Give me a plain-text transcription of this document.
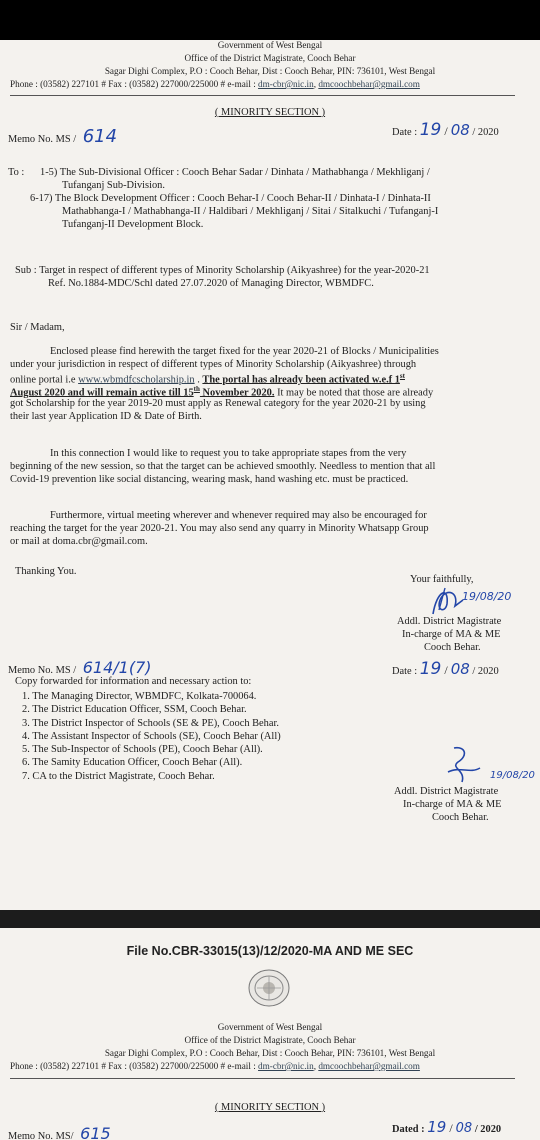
Government of West Bengal
Office of the District Magistrate, Cooch Behar
Sagar Dighi Complex, P.O : Cooch Behar, Dist : Cooch Behar, PIN: 736101, West Bengal
Phone : (03582) 227101 # Fax : (03582) 227000/225000 # e-mail : dm-cbr@nic.in, dmcoochbehar@gmail.com
( MINORITY SECTION )
Memo No. MS / 614	Date : 19 / 08 / 2020
To : 1-5) The Sub-Divisional Officer : Cooch Behar Sadar / Dinhata / Mathabhanga / Mekhliganj /
Tufanganj Sub-Division.
6-17) The Block Development Officer : Cooch Behar-I / Cooch Behar-II / Dinhata-I / Dinhata-II
Mathabhanga-I / Mathabhanga-II / Haldibari / Mekhliganj / Sitai / Sitalkuchi / Tufanganj-I
Tufanganj-II Development Block.
Sub : Target in respect of different types of Minority Scholarship (Aikyashree) for the year-2020-21
Ref. No.1884-MDC/Schl dated 27.07.2020 of Managing Director, WBMDFC.
Sir / Madam,
Enclosed please find herewith the target fixed for the year 2020-21 of Blocks / Municipalities
under your jurisdiction in respect of different types of Minority Scholarship (Aikyashree) through
online portal i.e www.wbmdfcscholarship.in . The portal has already been activated w.e.f 1st
August 2020 and will remain active till 15th November 2020. It may be noted that those are already
got Scholarship for the year 2019-20 must apply as Renewal category for the year 2020-21 by using
their last year Application ID & Date of Birth.
In this connection I would like to request you to take appropriate stapes from the very
beginning of the new session, so that the target can be achieved smoothly. Needless to mention that all
Covid-19 prevention like social distancing, wearing mask, hand washing etc. must be practiced.
Furthermore, virtual meeting wherever and whenever required may also be encouraged for
reaching the target for the year 2020-21. You may also send any quarry in Minority Whatsapp Group
or mail at doma.cbr@gmail.com.
Thanking You.
Your faithfully,
19/08/20
Addl. District Magistrate
In-charge of MA & ME
Cooch Behar.
Date : 19 / 08 / 2020
Memo No. MS / 614/1(7)
Copy forwarded for information and necessary action to:
1. The Managing Director, WBMDFC, Kolkata-700064.
2. The District Education Officer, SSM, Cooch Behar.
3. The District Inspector of Schools (SE & PE), Cooch Behar.
4. The Assistant Inspector of Schools (SE), Cooch Behar (All)
5. The Sub-Inspector of Schools (PE), Cooch Behar (All).
6. The Samity Education Officer, Cooch Behar (All).
7. CA to the District Magistrate, Cooch Behar.	19/08/20
Addl. District Magistrate
In-charge of MA & ME
Cooch Behar.
File No.CBR-33015(13)/12/2020-MA AND ME SEC
Government of West Bengal
Office of the District Magistrate, Cooch Behar
Sagar Dighi Complex, P.O : Cooch Behar, Dist : Cooch Behar, PIN: 736101, West Bengal
Phone : (03582) 227101 # Fax : (03582) 227000/225000 # e-mail : dm-cbr@nic.in, dmcoochbehar@gmail.com
( MINORITY SECTION )
Memo No. MS/ 615	Dated : 19 / 08 / 2020
